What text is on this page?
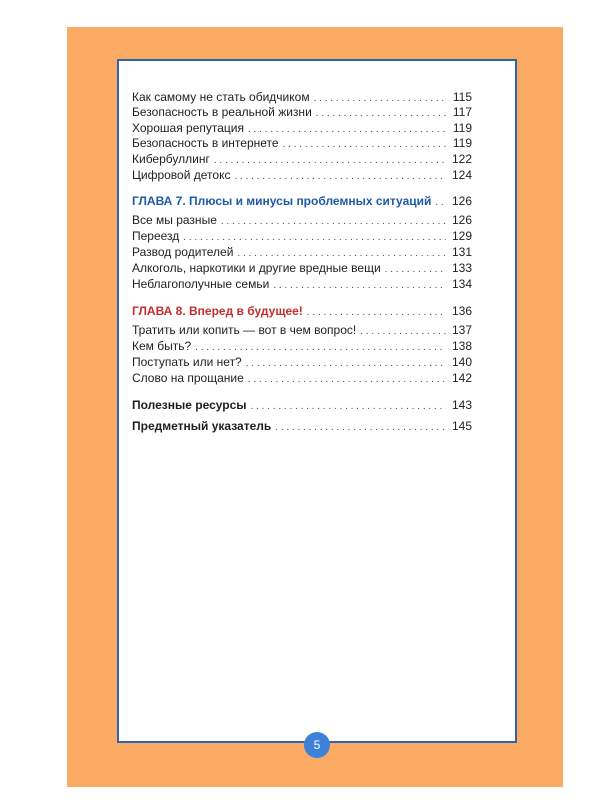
Как самому не стать обидчиком . . .	115
Безопасность в реальной жизни . . .	117
Хорошая репутация . . .	119
Безопасность в интернете . . .	119
Кибербуллинг . . .	122
Цифровой детокс . . .	124
ГЛАВА 7. Плюсы и минусы проблемных ситуаций . . . 126
Все мы разные . . .	126
Переезд . . .	129
Развод родителей . . .	131
Алкоголь, наркотики и другие вредные вещи . . .	133
Неблагополучные семьи . . .	134
ГЛАВА 8. Вперед в будущее! . . .	136
Тратить или копить — вот в чем вопрос! . . .	137
Кем быть? . . .	138
Поступать или нет? . . .	140
Слово на прощание . . .	142
Полезные ресурсы . . .	143
Предметный указатель . . .	145
5
